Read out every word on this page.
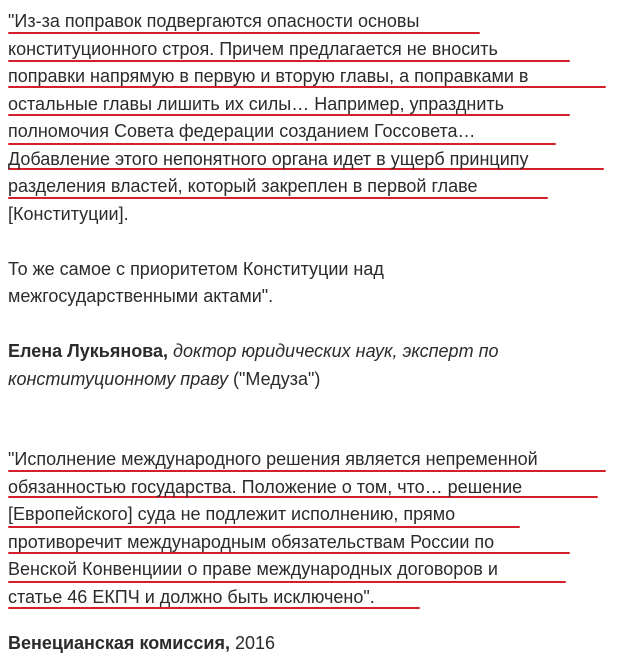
"Из-за поправок подвергаются опасности основы
конституционного строя. Причем предлагается не вносить
поправки напрямую в первую и вторую главы, а поправками в
остальные главы лишить их силы… Например, упразднить
полномочия Совета федерации созданием Госсовета…
Добавление этого непонятного органа идет в ущерб принципу
разделения властей, который закреплен в первой главе
[Конституции].
То же самое с приоритетом Конституции над
межгосударственными актами".
Елена Лукьянова, доктор юридических наук, эксперт по
конституционному праву ("Медуза")
"Исполнение международного решения является непременной
обязанностью государства. Положение о том, что… решение
[Европейского] суда не подлежит исполнению, прямо
противоречит международным обязательствам России по
Венской Конвенциии о праве международных договоров и
статье 46 ЕКПЧ и должно быть исключено".
Венецианская комиссия, 2016
